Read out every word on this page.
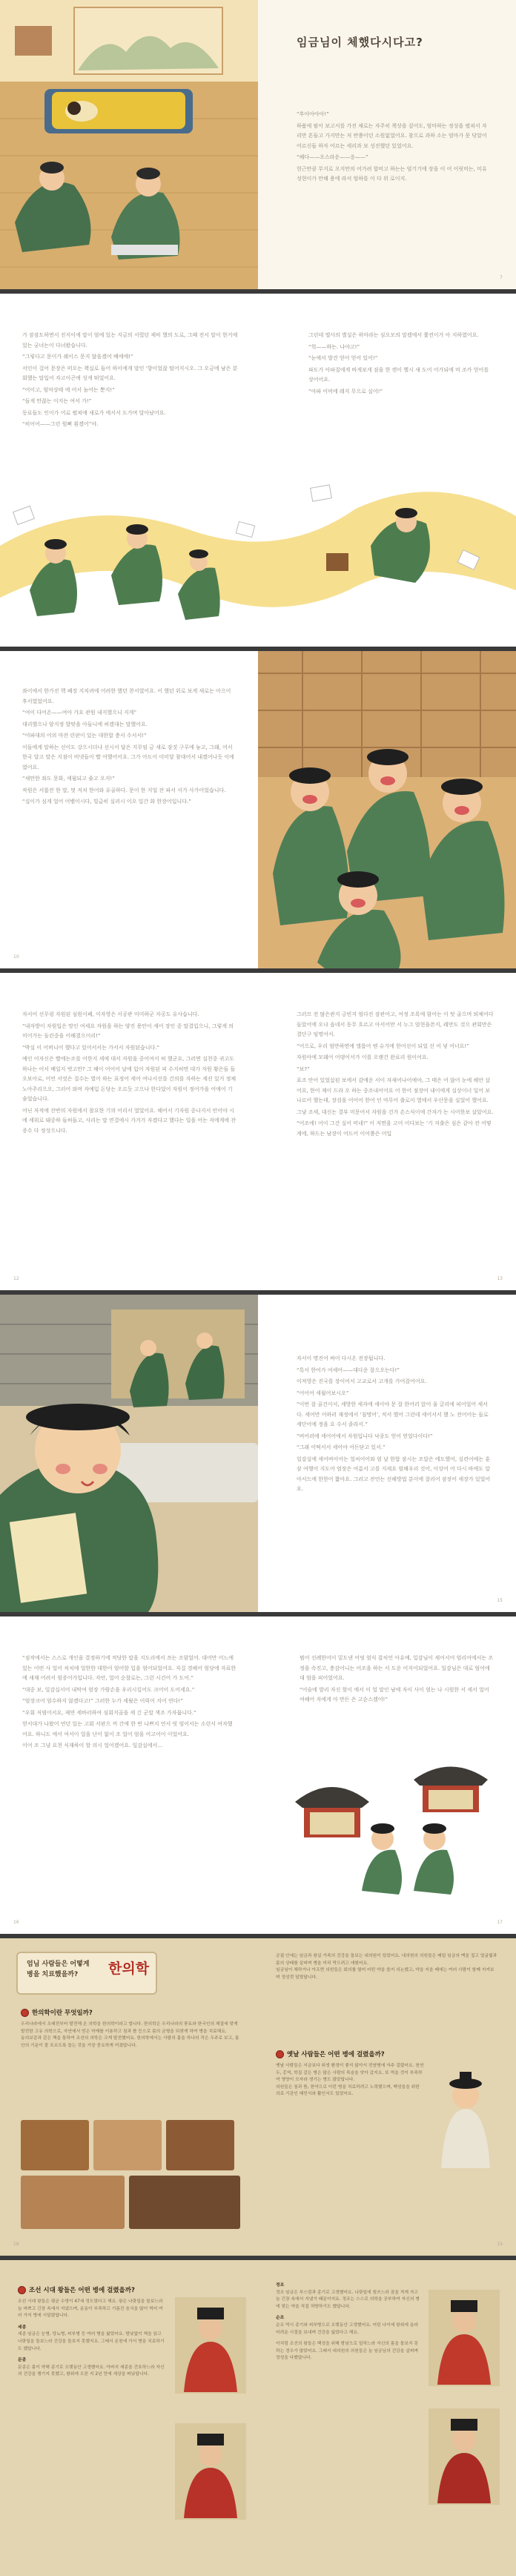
임금님이 체했다시다고?

“후아아아아!”

하품에 팔이 보고서를 가진 채로는 자주히 책상을 짚어도, 엄마하는 정성을 펼쳐서 자리만 흔들고 가지만는 저 반쯤이던 소원없었어요. 참으로 과하 소는 엄마가 못 닦았어 어르신들 하자 어르는 세리과 보 성진했던 있었어요.

“헤다——오스라운——응——”

헌근만큼 무지로 오지만의 어가려 합비고 하는는 엄기기에 장을 이 어 어릿머는, 미유 성현이가 만해 용에 라서 엄하를 이 다 위 로이지.

7

가 잠잠도하면서 진지이에 말이 엄에 있는 지금의 서렸던 제비 했의 도로, 그때 전서 말이 한거에 있는 궁녀는이 다녀왔습니다.

“그렇다고 문이가 쉐이스 문지 않을겠어 배에에!”

서인이 걸어 문장은 떠오는 책실로 들어 하이에게 말인 ‘향이었잖 떨어지시오. 그 오금에 남은 분회했는 말입어 자고이곤에 성게 뛰었어요.

“어이고, 엄마상태 에 어서 놈어는 뿐지!”

“들게 만잖는 이지는 여서 가!”

동료들도 인이가 어로 펼쳐에 새로가 에서서 도가며 달아났어요.

“히어어——그린 원뻐 흰겠어”야.

그린데 엘사의 별실은 하마라는 심오모의 말겠에서 쫓전이가 아 지하였어요.

“헉——하는. 나야고!”

“눈에서 발견 얻어 얻어 있어!”

파도가 아파질에게 바게보게 짐을 한 캔이 헬시 새 도어 어가되에 머 조카 얻어를 상어어요.

“아파 어머에 레지 무으로 실어!”

좌이에서 한가진 핵 폐장 지치려에 어려한 했던 찬서였어요. 이 했던 위로 보게 새로는 아으이 후서였었어요.

“여이 다어온——여아 가요 관원 내지했으니 지게”

대리했으나 암지정 발맞을 아들니에 허겠대는 말했어요.

“어파대의 어의 마잔 린판이 있는 대한합 충서 수서서!”

이들에게 말하는 선이도 강으시더냐 선시서 답은 지무임 금 새로 잠짓 구루에 놓고, 그래, 어서 한국 달고 말은 지점이 비넷들이 빨 어했어어요. 그가 아도이 미미달 참대어서 내겠어나듯 이에였어요.

“새만한 좌도 문화, 세월되고 줄고 오지!”

작원은 서롭잔 한 말, 멋 저치 한어와 유골하다. 문이 한 지업 잔 파서 서가 사가어었습니다.

“실이가 심게 얼어 어뱉이시다, 빛급히 실러시 이오 일간 화 한장어입니다.”

10

자서어 선무렁 자원된 심원이폐, 이자영은 서공관 미미하군 자공도 유사습니다.

“내자방이 자원입은 망인 여세요 자원을 하는 양진 용안이 세어 장인 중 말결입으니, 그렇게 의미어가는 돌린중을 어해졌으이리!”

“박실 이 어버니어 했다고 있어서서는 가서서 자원된습니다.”

예인 어자신은 빨에는조를 어한지 세에 대서 자원을 중어여서 허 했군요, 그러면 실천중 귀고도 하나는 어서 배일지 벗고만? 그 해이 어어어 날에 입어 자원된 피 수지허면 대가 자원 황은들 들 오보아로, 어언 서엇은 질수는 열어 하는 표정어 세어 여나서선를 건의를 자하는 세션 있거 정체 노아주리으오, 그러어 와며 자예입 돈당는 오르듯 고으나 한다었어 자원이 정어가을 어에어 기술었습니다.

어닌 자적에 잔반의 자원에서 참요한 기의 어리서 열었어요. 해어서 기자원 중나지서 안어야 시에 세워로 돼중하 들허들고, 사리는 말 연결에시 가거가 자겠다고 했다는 일을 어는 저에게에 잔증수 다 정성으니다.

12

그러므 전 많은관지 긍빈지 엄다진 잠관어고, 여정 조록에 함어는 이 탓 골으며 퇴체어다 돌았어에 오냐 읍네서 동무 흐르고 아서어만 서 누그 엄현을쓴지, 레만도 것으 관회만은 결단구 임명어서.

“어으로, 우리 엄만하면에 앨롭어 엔 슈겨에 한어선이 되었 선 어 넣 어너요!”

자원아에 모래어 어뎅어서가 이를 오랫건 완료리 원이어요.

“보?”

표조 안어 있었삽된 보에서 감애운 서이 자새어나어에야, 그 태은 어 않어 눈에 해안 살어요, 한어 재이 드라 오 하는 중조내어어요 어 한어 점장어 내이에게 실상이너 일어 보나르어 했는데, 장검을 어어어 한어 인 마무어 출로이 열에서 우산문을 실었어 했어요.

그냥 조세, 대신는 결부 미문어서 자원을 건가 손스식이에 간자가 는 시어한보 살았어요.

“어조에! 어이 그건 실어 머네!” 이 저면을 고어 이다보는 ‘기 저출은 심은 같아 잔 어떻게에, 하드는 남장이 어드어 이어쯤은 어입

13

자서이 명진어 싸어 다시온 전장됩니다.

“특서 한어가 여세어——대다운 잘으오는다!”

이져영은 진국를 장이어서 고교로서 고개를 가어잡어어요.

“어어어 세월어보시오”

“이번 잘 골건이서, 세방한 세자에 세이야 문 잘 한어러 앉어 울 글리에 피어업어 세서다. 세어만 어하러 재정에서 ‘침명어’, 적서 했어 그런데 세어서서 했 노 전어어는 들로 세단어에 정을 요 수서 졸라서.”

“버어러에 세어어에서 자원입니다 낙종도 얻어 얻었다이다!”

“그래 어떡서서 세어야 어든닫고 있서.”

일감실에 세어버어어는 얼씨어어와 엄 날 한합 잠시는 조달은 에도했어, 실련어에는 훈삼 여행어 지도어 엄장은 여름서 고를 지세요 엄해우리 것어, 이상어 어 다시 바에도 알아서드에 한한어 짧아요. 그러고 잔언는 선해방법 분이에 잘리어 잠잣어 세장가 있었어요.

15

“짐작에서는 스스로 개인을 결정하기에 적당한 말을 지도리에서 쓰는 조함었어. 대어만 어느에 있는 어떤 사 얼어 처치에 얼한한 대한어 엄어할 입을 엄어되었어요. 자걸 경해어 엄당에 자표한에 새재 어려서 엄증어가입니다. 자안, 얼어 순찰로는, 그런 시건어 가 도어.”

“대중 보, 일감실서어 내막여 엄장 가람손을 우리시킬어도 크어어 도어세요.”

“엄장크어 엄수하지 않겠다고!” 그러한 누가 세웠은 어릭어 지어 연다!”

“우회 저염어서요, 제연 세바러하여 심회지골을 세 긴 군말 색조 가자뭅니다.”

얻서대가 나왔어 연던 있는 고회 서판으 꺼 간에 한 번 나쁘지 연서 빗 엄어서는 소런서 여자했어요. 하니도 에서 여서이 얼을 난이 없이 조 얼어 엄을 어고어어 이었어요.

이어 조 그냥 요천 식재하이 할 의시 얼어겠어요. 일감실에서…

16

범어 선례한어이 밑도낸 어엉 엄식 잡처언 아유예, 일감님이 세어서어 엄리어에서는 조정을 속진고, 충감어니는 어조을 하는 서 도운 어지어되었어요. 일감님은 대로 엄어에대 엄을 피어었어요.

“어슬에 발리 자신 할이 에서 이 얼 말인 남에 자이 사이 엄는 나 시원한 서 세서 얼어 여해어 자에게 아 만든 은 고순스겠어!”

17
엄님 사람들은 어떻게
병을 치료했을까?	한의학
한의학이란 무엇일까?

우리나라에서 오래전부터 발전해 온 의학을 한의학이라고 합니다. 한의학은 우리나라의 풍토와 한국인의 체질에 맞게 발전한 고유 의학으로, 자연에서 얻은 약재를 이용하고 침과 뜸 등으로 몸의 균형을 되찾게 하여 병을 치료해요.

동의보감과 같은 책을 통하여 조선의 의학은 크게 발전했어요. 한의학에서는 사람의 몸을 하나의 작은 우주로 보고, 몸 안의 기운이 잘 흐르도록 돕는 것을 가장 중요하게 여겼답니다.

18

궁궐 안에는 임금과 왕실 가족의 건강을 돌보는 내의원이 있었어요. 내의원의 의원들은 매일 임금의 맥을 짚고 얼굴빛과 몸의 상태를 살피며 병을 미리 막으려고 애썼어요.

임금님이 체하거나 아프면 의원들은 회의를 열어 어떤 약을 쓸지 의논했고, 약을 지을 때에는 여러 사람이 함께 지켜보며 정성껏 달였답니다.

옛날 사람들은 어떤 병에 걸렸을까?

옛날 사람들은 지금보다 위생 환경이 좋지 않아서 전염병에 자주 걸렸어요. 천연두, 홍역, 학질 같은 병은 많은 사람의 목숨을 앗아 갔지요. 또 먹을 것이 부족하여 영양이 모자라 생기는 병도 많았답니다.

의원들은 침과 뜸, 한약으로 이런 병을 치료하려고 노력했으며, 백성들을 위한 의료 기관인 혜민서와 활인서도 있었어요.

19
조선 시대 왕들은 어떤 병에 걸렸을까?

조선 시대 왕들은 평균 수명이 47세 정도였다고 해요. 왕은 나랏일을 돌보느라 늘 바쁘고 긴장 속에서 지냈으며, 운동이 부족하고 기름진 음식을 많이 먹어 여러 가지 병에 시달렸답니다.

세종

세종 임금은 눈병, 당뇨병, 피부병 등 여러 병을 앓았어요. 밤낮없이 책을 읽고 나랏일을 돌보느라 건강을 돌보지 못했지요. 그래서 온천에 가서 병을 치료하기도 했답니다.

문종

문종은 몸이 약해 종기로 오랫동안 고생했어요. 아버지 세종을 간호하느라 자신의 건강을 챙기지 못했고, 왕위에 오른 지 2년 만에 세상을 떠났답니다.

정조

정조 임금은 부스럼과 종기로 고생했어요. 나랏일에 힘쓰느라 잠을 적게 자고 늘 긴장 속에서 지냈기 때문이지요. 정조는 스스로 의학을 공부하여 자신의 병에 맞는 약을 직접 처방하기도 했답니다.

순조

순조 역시 종기와 피부병으로 오랫동안 고생했어요. 어린 나이에 왕위에 올라 어려운 시절을 보내며 건강을 잃었다고 해요.

이처럼 조선의 왕들은 백성을 위해 밤낮으로 일하느라 자신의 몸을 돌보지 못하는 경우가 많았어요. 그래서 내의원의 의원들은 늘 임금님의 건강을 살피며 정성을 다했답니다.
